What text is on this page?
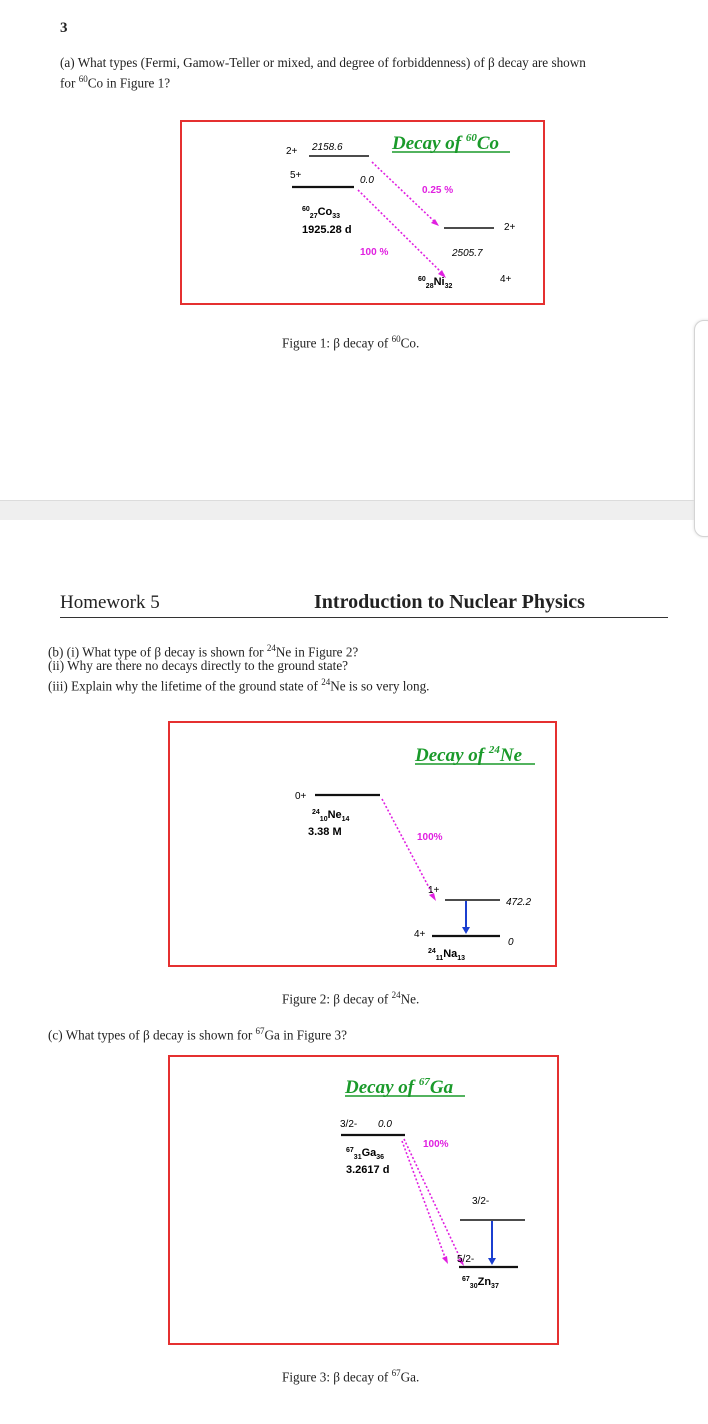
3
(a) What types (Fermi, Gamow-Teller or mixed, and degree of forbiddenness) of β decay are shown
for $^{60}$Co in Figure 1?
Decay of $^{60}$Co
2+ 2158.6
5+	0.0
$^{60}_{27}Co_{33}$
1925.28 d
0.25 %
100 %
2+
2505.7
4+
$^{60}_{28}Ni_{32}$
Figure 1: β decay of $^{60}$Co.
Homework 5	Introduction to Nuclear Physics
(b) (i) What type of β decay is shown for $^{24}$Ne in Figure 2?
(ii) Why are there no decays directly to the ground state?
(iii) Explain why the lifetime of the ground state of $^{24}$Ne is so very long.
Decay of $^{24}$Ne
0+
$^{24}_{10}Ne_{14}$
3.38 M	100%
1+
472.2
4+
0
$^{24}_{11}Na_{13}$
Figure 2: β decay of $^{24}$Ne.
(c) What types of β decay is shown for $^{67}$Ga in Figure 3?
Decay of $^{67}$Ga
3/2- 0.0
$^{67}_{31}Ga_{36}$
3.2617 d
100%
3/2-
5/2-
$^{67}_{30}Zn_{37}$
Figure 3: β decay of $^{67}$Ga.
